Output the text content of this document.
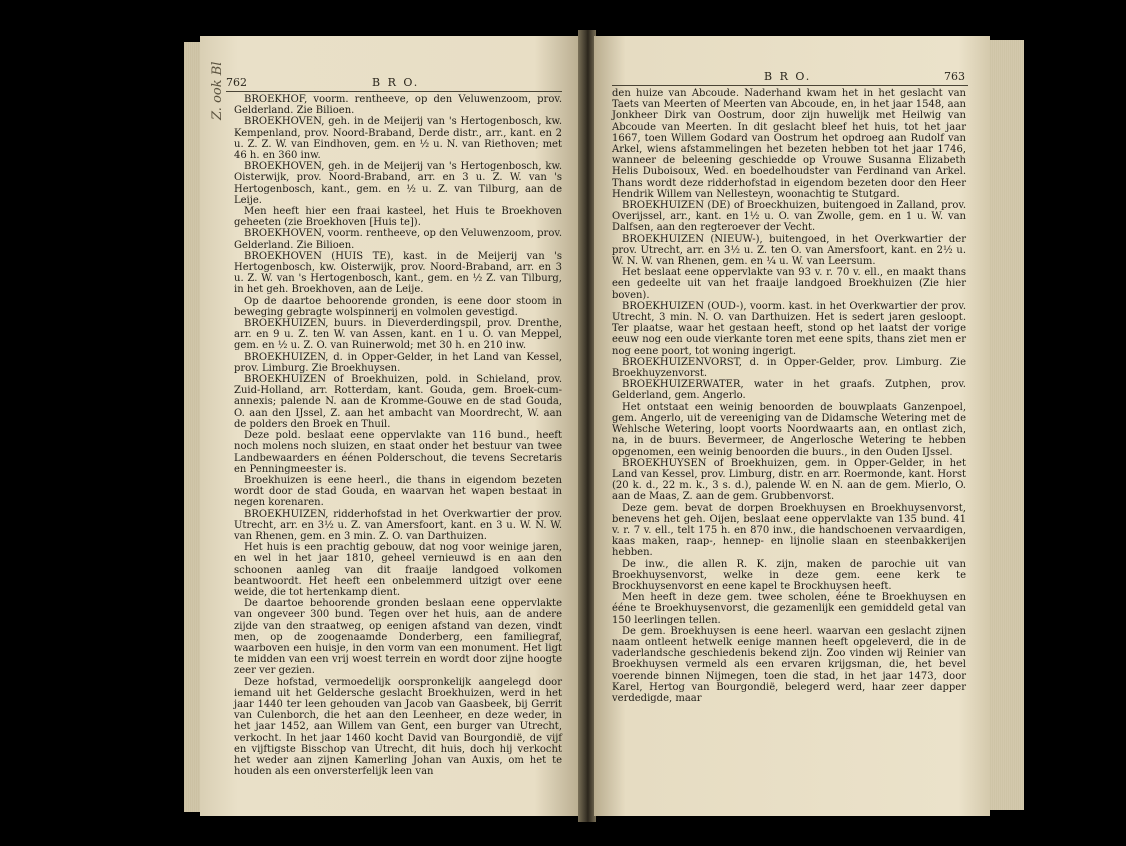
762	B R O.

BROEKHOF, voorm. rentheeve, op den Veluwenzoom, prov. Gelderland. Zie Bilioen.

BROEKHOVEN, geh. in de Meijerij van 's Hertogenbosch, kw. Kempenland, prov. Noord-Braband, Derde distr., arr., kant. en 2 u. Z. Z. W. van Eindhoven, gem. en ½ u. N. van Riethoven; met 46 h. en 360 inw.

BROEKHOVEN, geh. in de Meijerij van 's Hertogenbosch, kw. Oisterwijk, prov. Noord-Braband, arr. en 3 u. Z. W. van 's Hertogenbosch, kant., gem. en ½ u. Z. van Tilburg, aan de Leije.

Men heeft hier een fraai kasteel, het Huis te Broekhoven geheeten (zie Broekhoven [Huis te]).

BROEKHOVEN, voorm. rentheeve, op den Veluwenzoom, prov. Gelderland. Zie Bilioen.

BROEKHOVEN (HUIS TE), kast. in de Meijerij van 's Hertogenbosch, kw. Oisterwijk, prov. Noord-Braband, arr. en 3 u. Z. W. van 's Hertogenbosch, kant., gem. en ½ Z. van Tilburg, in het geh. Broekhoven, aan de Leije.

Op de daartoe behoorende gronden, is eene door stoom in beweging gebragte wolspinnerij en volmolen gevestigd.

BROEKHUIZEN, buurs. in Dieverderdingspil, prov. Drenthe, arr. en 9 u. Z. ten W. van Assen, kant. en 1 u. O. van Meppel, gem. en ½ u. Z. O. van Ruinerwold; met 30 h. en 210 inw.

BROEKHUIZEN, d. in Opper-Gelder, in het Land van Kessel, prov. Limburg. Zie Broekhuysen.

BROEKHUIZEN of Broekhuizen, pold. in Schieland, prov. Zuid-Holland, arr. Rotterdam, kant. Gouda, gem. Broek-cum-annexis; palende N. aan de Kromme-Gouwe en de stad Gouda, O. aan den IJssel, Z. aan het ambacht van Moordrecht, W. aan de polders den Broek en Thuil.

Deze pold. beslaat eene oppervlakte van 116 bund., heeft noch molens noch sluizen, en staat onder het bestuur van twee Landbewaarders en éénen Polderschout, die tevens Secretaris en Penningmeester is.

Broekhuizen is eene heerl., die thans in eigendom bezeten wordt door de stad Gouda, en waarvan het wapen bestaat in negen korenaren.

BROEKHUIZEN, ridderhofstad in het Overkwartier der prov. Utrecht, arr. en 3½ u. Z. van Amersfoort, kant. en 3 u. W. N. W. van Rhenen, gem. en 3 min. Z. O. van Darthuizen.

Het huis is een prachtig gebouw, dat nog voor weinige jaren, en wel in het jaar 1810, geheel vernieuwd is en aan den schoonen aanleg van dit fraaije landgoed volkomen beantwoordt. Het heeft een onbelemmerd uitzigt over eene weide, die tot hertenkamp dient.

De daartoe behoorende gronden beslaan eene oppervlakte van ongeveer 300 bund. Tegen over het huis, aan de andere zijde van den straatweg, op eenigen afstand van dezen, vindt men, op de zoogenaamde Donderberg, een familiegraf, waarboven een huisje, in den vorm van een monument. Het ligt te midden van een vrij woest terrein en wordt door zijne hoogte zeer ver gezien.

Deze hofstad, vermoedelijk oorspronkelijk aangelegd door iemand uit het Geldersche geslacht Broekhuizen, werd in het jaar 1440 ter leen gehouden van Jacob van Gaasbeek, bij Gerrit van Culenborch, die het aan den Leenheer, en deze weder, in het jaar 1452, aan Willem van Gent, een burger van Utrecht, verkocht. In het jaar 1460 kocht David van Bourgondië, de vijf en vijftigste Bisschop van Utrecht, dit huis, doch hij verkocht het weder aan zijnen Kamerling Johan van Auxis, om het te houden als een onversterfelijk leen van

B R O.	763

den huize van Abcoude. Naderhand kwam het in het geslacht van Taets van Meerten of Meerten van Abcoude, en, in het jaar 1548, aan Jonkheer Dirk van Oostrum, door zijn huwelijk met Heilwig van Abcoude van Meerten. In dit geslacht bleef het huis, tot het jaar 1667, toen Willem Godard van Oostrum het opdroeg aan Rudolf van Arkel, wiens afstammelingen het bezeten hebben tot het jaar 1746, wanneer de beleening geschiedde op Vrouwe Susanna Elizabeth Helis Duboisoux, Wed. en boedelhoudster van Ferdinand van Arkel. Thans wordt deze ridderhofstad in eigendom bezeten door den Heer Hendrik Willem van Nellesteyn, woonachtig te Stutgard.

BROEKHUIZEN (DE) of Broeckhuizen, buitengoed in Zalland, prov. Overijssel, arr., kant. en 1½ u. O. van Zwolle, gem. en 1 u. W. van Dalfsen, aan den regteroever der Vecht.

BROEKHUIZEN (NIEUW-), buitengoed, in het Overkwartier der prov. Utrecht, arr. en 3½ u. Z. ten O. van Amersfoort, kant. en 2½ u. W. N. W. van Rhenen, gem. en ¼ u. W. van Leersum.

Het beslaat eene oppervlakte van 93 v. r. 70 v. ell., en maakt thans een gedeelte uit van het fraaije landgoed Broekhuizen (Zie hier boven).

BROEKHUIZEN (OUD-), voorm. kast. in het Overkwartier der prov. Utrecht, 3 min. N. O. van Darthuizen. Het is sedert jaren gesloopt. Ter plaatse, waar het gestaan heeft, stond op het laatst der vorige eeuw nog een oude vierkante toren met eene spits, thans ziet men er nog eene poort, tot woning ingerigt.

BROEKHUIZENVORST, d. in Opper-Gelder, prov. Limburg. Zie Broekhuyzenvorst.

BROEKHUIZERWATER, water in het graafs. Zutphen, prov. Gelderland, gem. Angerlo.

Het ontstaat een weinig benoorden de bouwplaats Ganzenpoel, gem. Angerlo, uit de vereeniging van de Didamsche Wetering met de Wehlsche Wetering, loopt voorts Noordwaarts aan, en ontlast zich, na, in de buurs. Bevermeer, de Angerlosche Wetering te hebben opgenomen, een weinig benoorden die buurs., in den Ouden IJssel.

BROEKHUYSEN of Broekhuizen, gem. in Opper-Gelder, in het Land van Kessel, prov. Limburg, distr. en arr. Roermonde, kant. Horst (20 k. d., 22 m. k., 3 s. d.), palende W. en N. aan de gem. Mierlo, O. aan de Maas, Z. aan de gem. Grubbenvorst.

Deze gem. bevat de dorpen Broekhuysen en Broekhuysenvorst, benevens het geh. Oijen, beslaat eene oppervlakte van 135 bund. 41 v. r. 7 v. ell., telt 175 h. en 870 inw., die handschoenen vervaardigen, kaas maken, raap-, hennep- en lijnolie slaan en steenbakkerijen hebben.

De inw., die allen R. K. zijn, maken de parochie uit van Broekhuysenvorst, welke in deze gem. eene kerk te Brockhuysenvorst en eene kapel te Brockhuysen heeft.

Men heeft in deze gem. twee scholen, ééne te Broekhuysen en ééne te Broekhuysenvorst, die gezamenlijk een gemiddeld getal van 150 leerlingen tellen.

De gem. Broekhuysen is eene heerl. waarvan een geslacht zijnen naam ontleent hetwelk eenige mannen heeft opgeleverd, die in de vaderlandsche geschiedenis bekend zijn. Zoo vinden wij Reinier van Broekhuysen vermeld als een ervaren krijgsman, die, het bevel voerende binnen Nijmegen, toen die stad, in het jaar 1473, door Karel, Hertog van Bourgondië, belegerd werd, haar zeer dapper verdedigde, maar

Z. ook Bl
